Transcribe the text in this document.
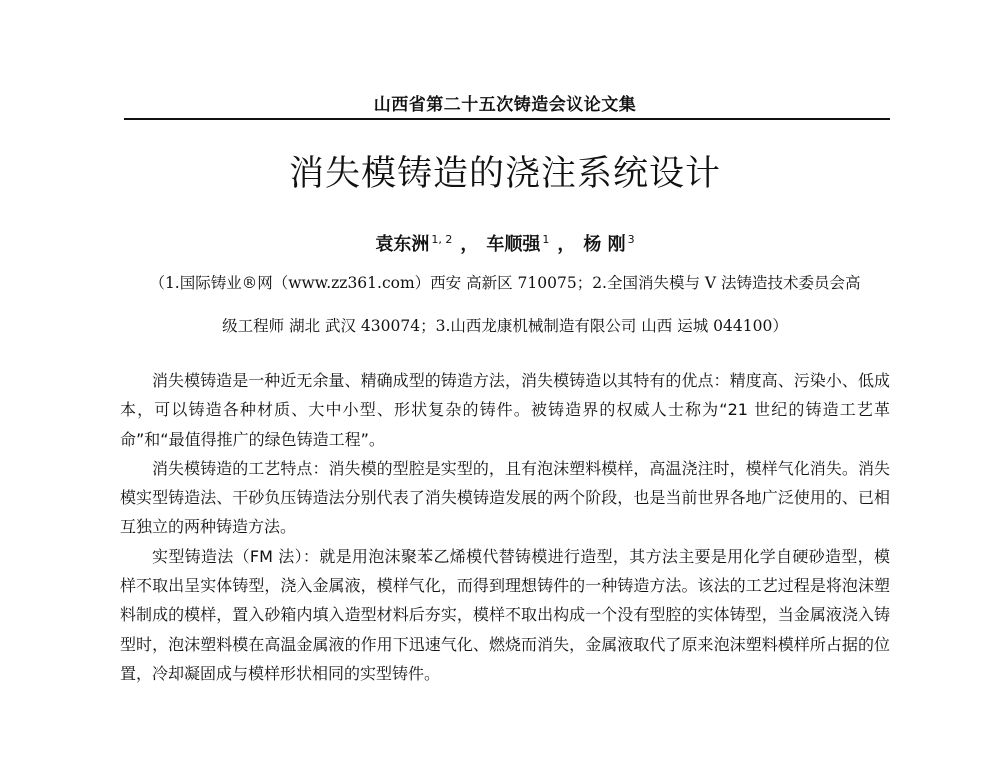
山西省第二十五次铸造会议论文集
消失模铸造的浇注系统设计
袁东洲 $^{1, 2}$ ， 车顺强 $^1$ ， 杨 刚 $^3$
（1.国际铸业®网（www.zz361.com）西安 高新区 710075；2.全国消失模与 V 法铸造技术委员会高
级工程师 湖北 武汉 430074；3.山西龙康机械制造有限公司 山西 运城 044100）

消失模铸造是一种近无余量、精确成型的铸造方法，消失模铸造以其特有的优点：精度高、污染小、低成本，可以铸造各种材质、大中小型、形状复杂的铸件。被铸造界的权威人士称为“21 世纪的铸造工艺革命”和“最值得推广的绿色铸造工程”。

消失模铸造的工艺特点：消失模的型腔是实型的，且有泡沫塑料模样，高温浇注时，模样气化消失。消失模实型铸造法、干砂负压铸造法分别代表了消失模铸造发展的两个阶段，也是当前世界各地广泛使用的、已相互独立的两种铸造方法。

实型铸造法（FM 法）：就是用泡沫聚苯乙烯模代替铸模进行造型，其方法主要是用化学自硬砂造型，模样不取出呈实体铸型，浇入金属液，模样气化，而得到理想铸件的一种铸造方法。该法的工艺过程是将泡沫塑料制成的模样，置入砂箱内填入造型材料后夯实，模样不取出构成一个没有型腔的实体铸型，当金属液浇入铸型时，泡沫塑料模在高温金属液的作用下迅速气化、燃烧而消失，金属液取代了原来泡沫塑料模样所占据的位置，冷却凝固成与模样形状相同的实型铸件。
